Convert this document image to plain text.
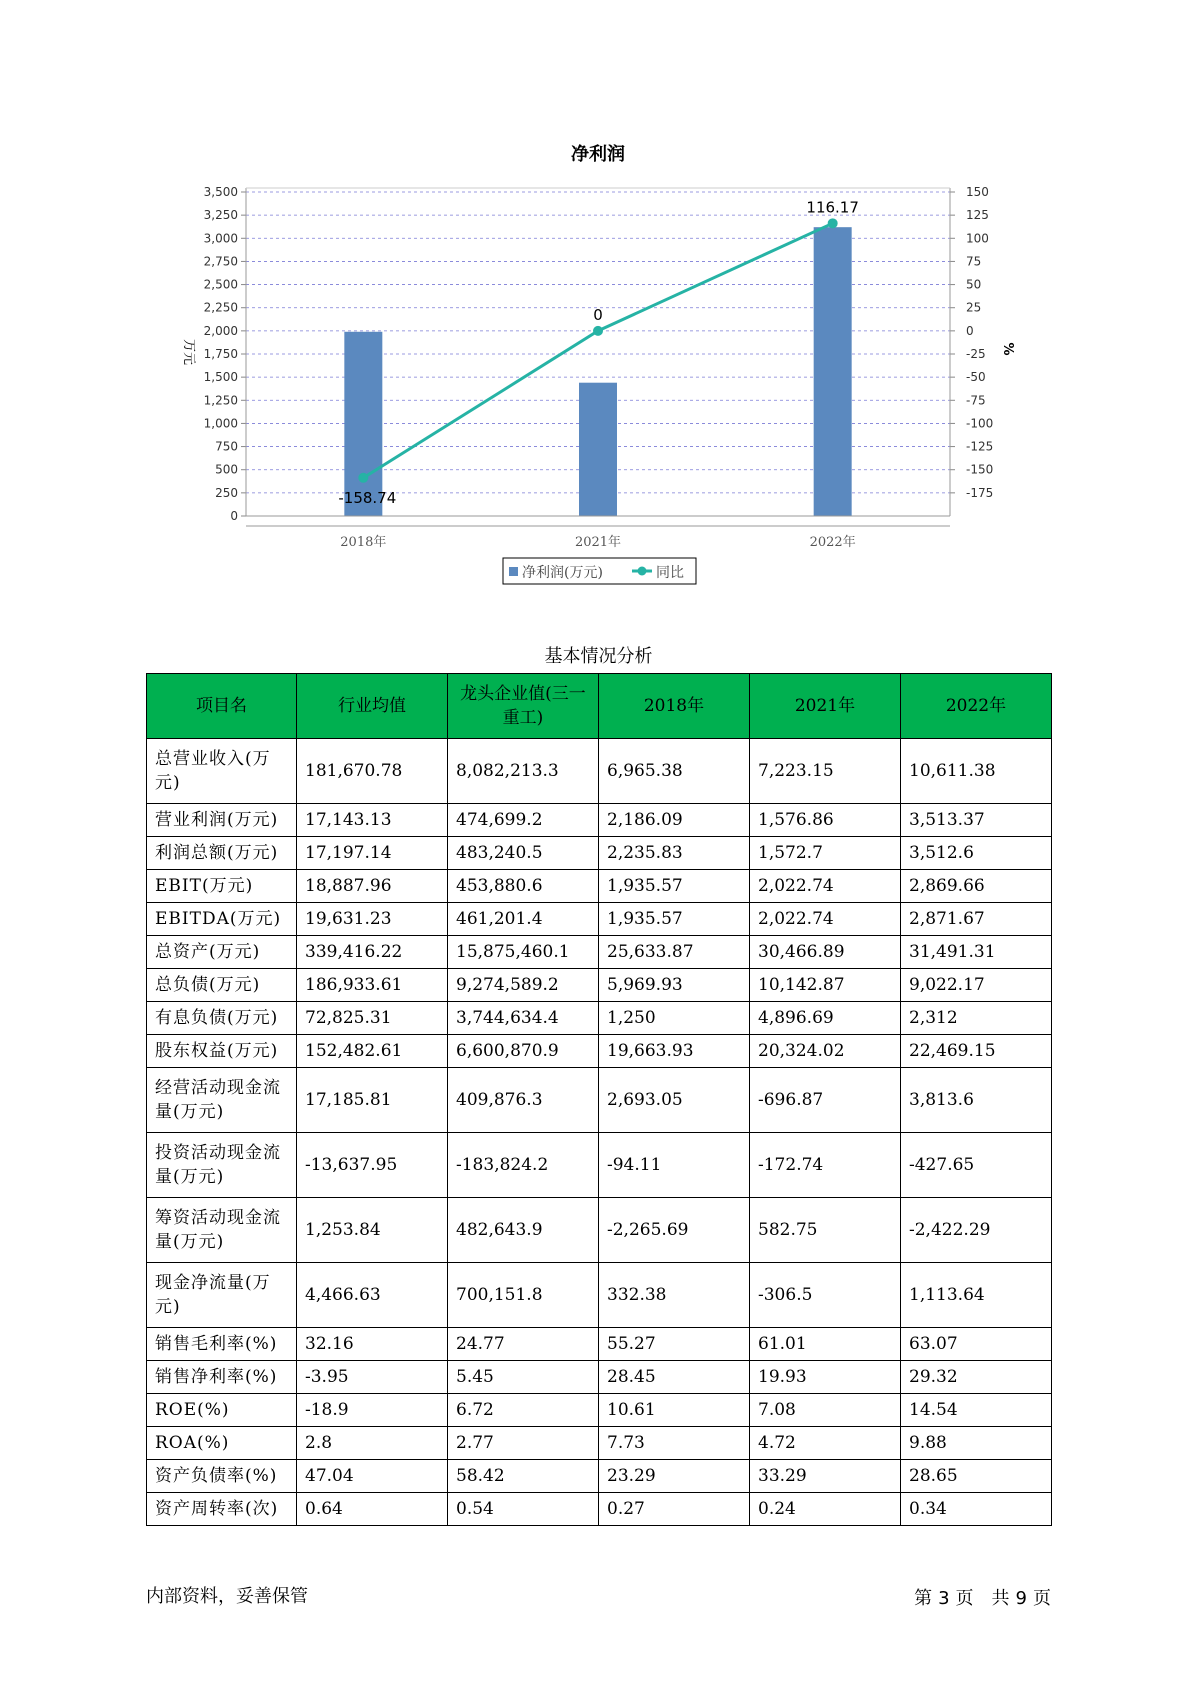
净利润
0
250
500
750
1,000
1,250
1,500
1,750
2,000
2,250
2,500
2,750
3,000
3,250
3,500
-175
-150
-125
-100
-75
-50
-25
0
25
50
75
100
125
150
2018年	2021年	2022年
-158.74
0
116.17
万元	%
净利润(万元)	同比
基本情况分析
项目名	行业均值	龙头企业值(三一重工)	2018年	2021年	2022年
总营业收入(万元)	181,670.78	8,082,213.3	6,965.38	7,223.15	10,611.38
营业利润(万元)	17,143.13	474,699.2	2,186.09	1,576.86	3,513.37
利润总额(万元)	17,197.14	483,240.5	2,235.83	1,572.7	3,512.6
EBIT(万元)	18,887.96	453,880.6	1,935.57	2,022.74	2,869.66
EBITDA(万元)	19,631.23	461,201.4	1,935.57	2,022.74	2,871.67
总资产(万元)	339,416.22	15,875,460.1	25,633.87	30,466.89	31,491.31
总负债(万元)	186,933.61	9,274,589.2	5,969.93	10,142.87	9,022.17
有息负债(万元)	72,825.31	3,744,634.4	1,250	4,896.69	2,312
股东权益(万元)	152,482.61	6,600,870.9	19,663.93	20,324.02	22,469.15
经营活动现金流量(万元)	17,185.81	409,876.3	2,693.05	-696.87	3,813.6
投资活动现金流量(万元)	-13,637.95	-183,824.2	-94.11	-172.74	-427.65
筹资活动现金流量(万元)	1,253.84	482,643.9	-2,265.69	582.75	-2,422.29
现金净流量(万元)	4,466.63	700,151.8	332.38	-306.5	1,113.64
销售毛利率(%)	32.16	24.77	55.27	61.01	63.07
销售净利率(%)	-3.95	5.45	28.45	19.93	29.32
ROE(%)	-18.9	6.72	10.61	7.08	14.54
ROA(%)	2.8	2.77	7.73	4.72	9.88
资产负债率(%)	47.04	58.42	23.29	33.29	28.65
资产周转率(次)	0.64	0.54	0.27	0.24	0.34
内部资料，妥善保管	第 3 页 共 9 页
